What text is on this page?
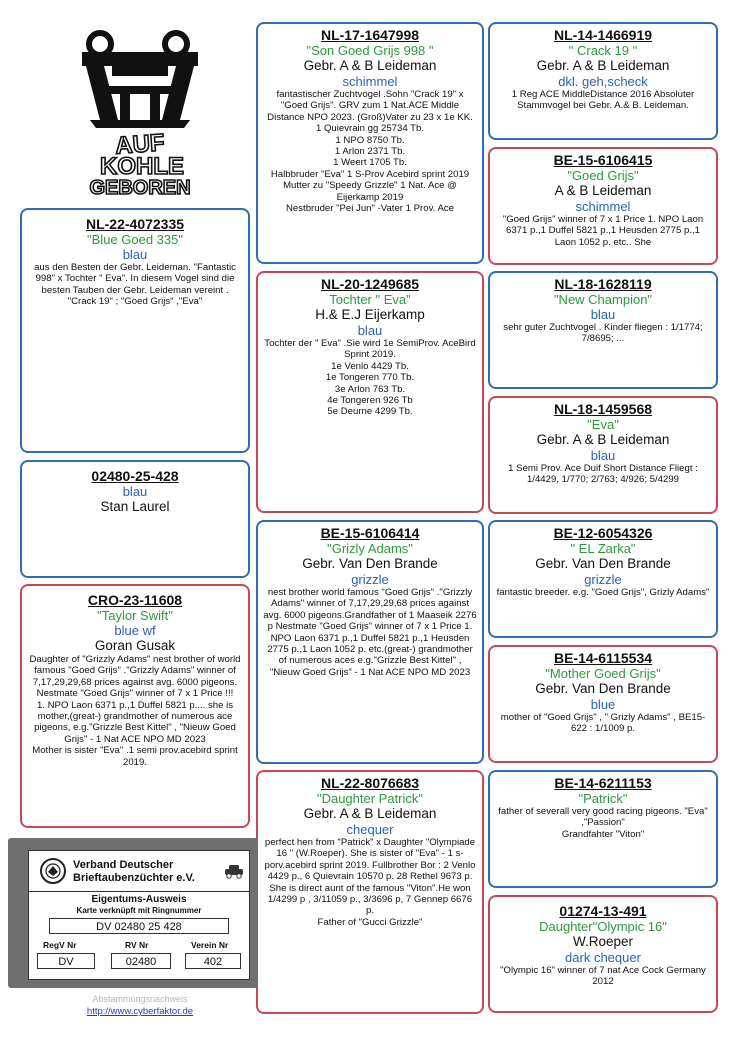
AUF
KOHLE
GEBOREN
NL-22-4072335
"Blue Goed 335"
blau
aus den Besten der Gebr. Leideman. "Fantastic 998" x Tochter " Eva". In diesem Vogel sind die besten Tauben der Gebr. Leideman vereint . "Crack 19" ; "Goed Grijs" ,"Eva"
02480-25-428
blau
Stan Laurel
CRO-23-11608
"Taylor Swift"
blue wf
Goran Gusak
Daughter of "Grizzly Adams" nest brother of world famous "Goed Grijs" ."Grizzly Adams" winner of 7,17,29,29,68 prices against avg. 6000 pigeons.
Nestmate "Goed Grijs" winner of 7 x 1 Price !!!
1. NPO Laon 6371 p.,1 Duffel 5821 p.... she is mother,(great-) grandmother of numerous ace pigeons, e.g."Grizzle Best Kittel" , "Nieuw Goed Grijs" - 1 Nat ACE NPO MD 2023
Mother is sister "Eva" .1 semi prov.acebird sprint 2019.
NL-17-1647998
"Son Goed Grijs 998 "
Gebr. A & B Leideman
schimmel
fantastischer Zuchtvogel .Sohn "Crack 19" x "Goed Grijs". GRV zum 1 Nat.ACE Middle Distance NPO 2023. (Groß)Vater zu 23 x 1e KK.
1 Quievrain gg 25734 Tb.
1 NPO 8750 Tb.
1 Arlon 2371 Tb.
1 Weert 1705 Tb.
Halbbruder "Eva" 1 S-Prov Acebird sprint 2019
Mutter zu "Speedy Grizzle" 1 Nat. Ace @ Eijerkamp 2019
Nestbruder "Pei Jun" -Vater 1 Prov. Ace
NL-20-1249685
Tochter " Eva"
H.& E.J Eijerkamp
blau
Tochter der " Eva" .Sie wird 1e SemiProv. AceBird Sprint 2019.
1e Venlo 4429 Tb.
1e Tongeren 770 Tb.
3e Arlon 763 Tb.
4e Tongeren 926 Tb
5e Deurne 4299 Tb.
BE-15-6106414
"Grizly Adams"
Gebr. Van Den Brande
grizzle
nest brother world famous "Goed Grijs" ."Grizzly Adams" winner of 7,17,29,29,68 prices against avg. 6000 pigeons.Grandfather of 1 Maaseik 2276 p Nestmate "Goed Grijs" winner of 7 x 1 Price 1. NPO Laon 6371 p.,1 Duffel 5821 p.,1 Heusden 2775 p.,1 Laon 1052 p. etc.(great-) grandmother of numerous aces e.g."Grizzle Best Kittel" , "Nieuw Goed Grijs" - 1 Nat ACE NPO MD 2023
NL-22-8076683
"Daughter Patrick"
Gebr. A & B Leideman
chequer
perfect hen from "Patrick" x Daughter "Olympiade 16 " (W.Roeper). She is sister of "Eva" - 1 s-porv.acebird sprint 2019. Fullbrother Bor : 2 Venlo 4429 p., 6 Quievrain 10570 p. 28 Rethel 9673 p. She is direct aunt of the famous "Viton".He won 1/4299 p , 3/11059 p., 3/3696 p, 7 Gennep 6676 p.
Father of "Gucci Grizzle"
NL-14-1466919
" Crack 19 "
Gebr. A & B Leideman
dkl. geh,scheck
1 Reg ACE MiddleDistance 2016 Absoluter Stammvogel bei Gebr. A.& B. Leideman.
BE-15-6106415
"Goed Grijs"
A & B Leideman
schimmel
"Goed Grijs" winner of 7 x 1 Price 1. NPO Laon 6371 p.,1 Duffel 5821 p.,1 Heusden 2775 p.,1 Laon 1052 p. etc.. She
NL-18-1628119
"New Champion"
blau
sehr guter Zuchtvogel . Kinder fliegen : 1/1774; 7/8695; ...
NL-18-1459568
"Eva"
Gebr. A & B Leideman
blau
1 Semi Prov. Ace Duif Short Distance Fliegt : 1/4429, 1/770; 2/763; 4/926; 5/4299
BE-12-6054326
" EL Zarka"
Gebr. Van Den Brande
grizzle
fantastic breeder. e.g. "Goed Grijs", Grizly Adams"
BE-14-6115534
"Mother Goed Grijs"
Gebr. Van Den Brande
blue
mother of "Goed Grijs" , " Grizly Adams" , BE15-622 : 1/1009 p.
BE-14-6211153
"Patrick"
father of severall very good racing pigeons. "Eva" ,"Passion"
Grandfahter "Viton"
01274-13-491
Daughter"Olympic 16"
W.Roeper
dark chequer
"Olympic 16" winner of 7 nat Ace Cock Germany 2012
Verband Deutscher
Brieftaubenzüchter e.V.
Eigentums-Ausweis
Karte verknüpft mit Ringnummer
DV 02480 25 428
RegV Nr	RV Nr	Verein Nr
DV	02480	402
Abstammungsnachweis
http://www.cyberfaktor.de
